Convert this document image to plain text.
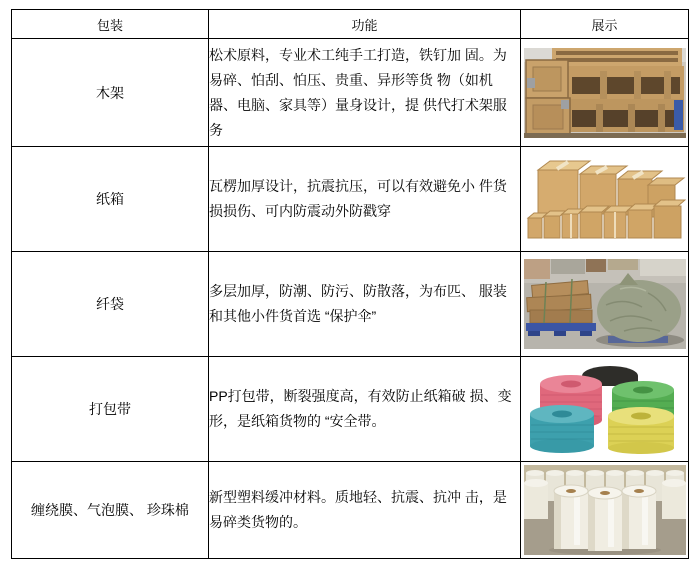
包装	功能	展示
木架	松术原料，专业术工纯手工打造，铁钉加 固。为易碎、怕刮、怕压、贵重、异形等货 物（如机器、电脑、家具等）量身设计，提 供代打术架服务	

纸箱	瓦楞加厚设计，抗震抗压，可以有效避免小 件货损损伤、可内防震动外防戳穿	

纤袋	多层加厚，防潮、防污、防散落，为布匹、 服装和其他小件货首选 “保护伞”	

打包带	PP打包带，断裂强度高，有效防止纸箱破 损、变形，是纸箱货物的 “安全带。	

缠绕膜、气泡膜、 珍珠棉	新型塑料缓冲材料。质地轻、抗震、抗冲 击，是易碎类货物的。	
